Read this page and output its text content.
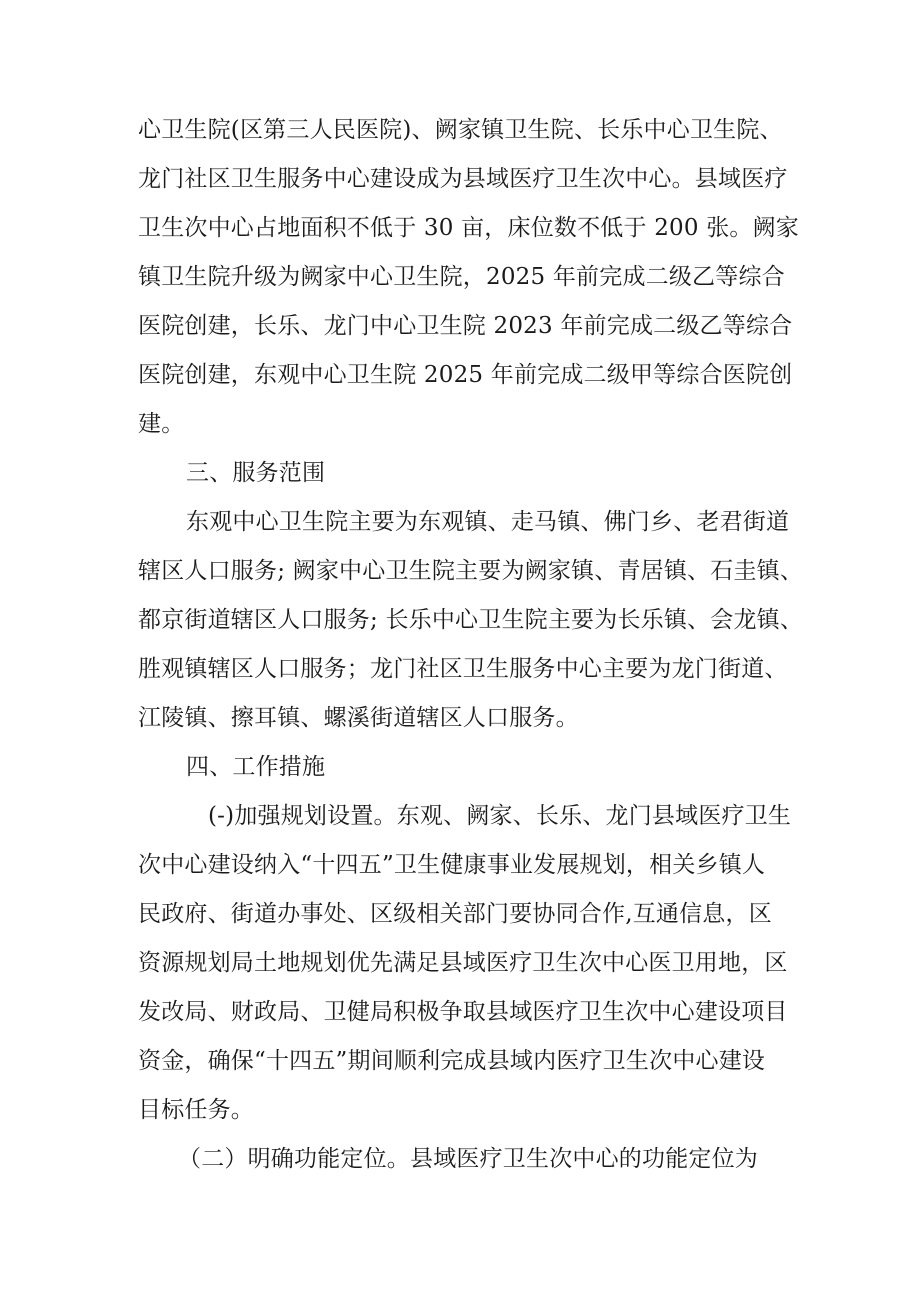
心卫生院(区第三人民医院)、阙家镇卫生院、长乐中心卫生院、
龙门社区卫生服务中心建设成为县域医疗卫生次中心。县域医疗
卫生次中心占地面积不低于 30 亩，床位数不低于 200 张。阙家
镇卫生院升级为阙家中心卫生院，2025 年前完成二级乙等综合
医院创建，长乐、龙门中心卫生院 2023 年前完成二级乙等综合
医院创建，东观中心卫生院 2025 年前完成二级甲等综合医院创
建。
三、服务范围
东观中心卫生院主要为东观镇、走马镇、佛门乡、老君街道
辖区人口服务; 阙家中心卫生院主要为阙家镇、青居镇、石圭镇、
都京街道辖区人口服务; 长乐中心卫生院主要为长乐镇、会龙镇、
胜观镇辖区人口服务；龙门社区卫生服务中心主要为龙门街道、
江陵镇、擦耳镇、螺溪街道辖区人口服务。
四、工作措施
(-)加强规划设置。东观、阙家、长乐、龙门县域医疗卫生
次中心建设纳入“十四五”卫生健康事业发展规划，相关乡镇人
民政府、街道办事处、区级相关部门要协同合作,互通信息，区
资源规划局土地规划优先满足县域医疗卫生次中心医卫用地，区
发改局、财政局、卫健局积极争取县域医疗卫生次中心建设项目
资金，确保“十四五”期间顺利完成县域内医疗卫生次中心建设
目标任务。
（二）明确功能定位。县域医疗卫生次中心的功能定位为
